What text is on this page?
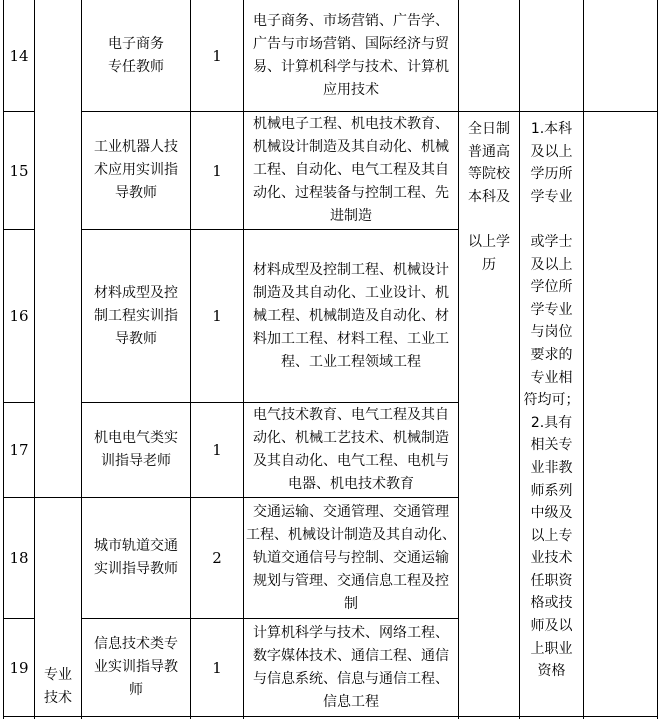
14
电子商务
专任教师
1
电子商务、市场营销、广告学、
广告与市场营销、国际经济与贸
易、计算机科学与技术、计算机
应用技术
15
工业机器人技
术应用实训指
导教师
1
机械电子工程、机电技术教育、
机械设计制造及其自动化、机械
工程、自动化、电气工程及其自
动化、过程装备与控制工程、先
进制造
16
材料成型及控
制工程实训指
导教师
1
材料成型及控制工程、机械设计
制造及其自动化、工业设计、机
械工程、机械制造及自动化、材
料加工工程、材料工程、工业工
程、工业工程领域工程
17
机电电气类实
训指导老师
1
电气技术教育、电气工程及其自
动化、机械工艺技术、机械制造
及其自动化、电气工程、电机与
电器、机电技术教育
18
城市轨道交通
实训指导教师
2
交通运输、交通管理、交通管理
工程、机械设计制造及其自动化、
轨道交通信号与控制、交通运输
规划与管理、交通信息工程及控
制
19
信息技术类专
业实训指导教
师
1
计算机科学与技术、网络工程、
数字媒体技术、通信工程、通信
与信息系统、信息与通信工程、
信息工程
专业
技术
全日制
普通高
等院校
本科及

以上学
历
1.本科
及以上
学历所
学专业

或学士
及以上
学位所
学专业
与岗位
要求的
专业相
符均可；
2.具有
相关专
业非教
师系列
中级及
以上专
业技术
任职资
格或技
师及以
上职业
资格
